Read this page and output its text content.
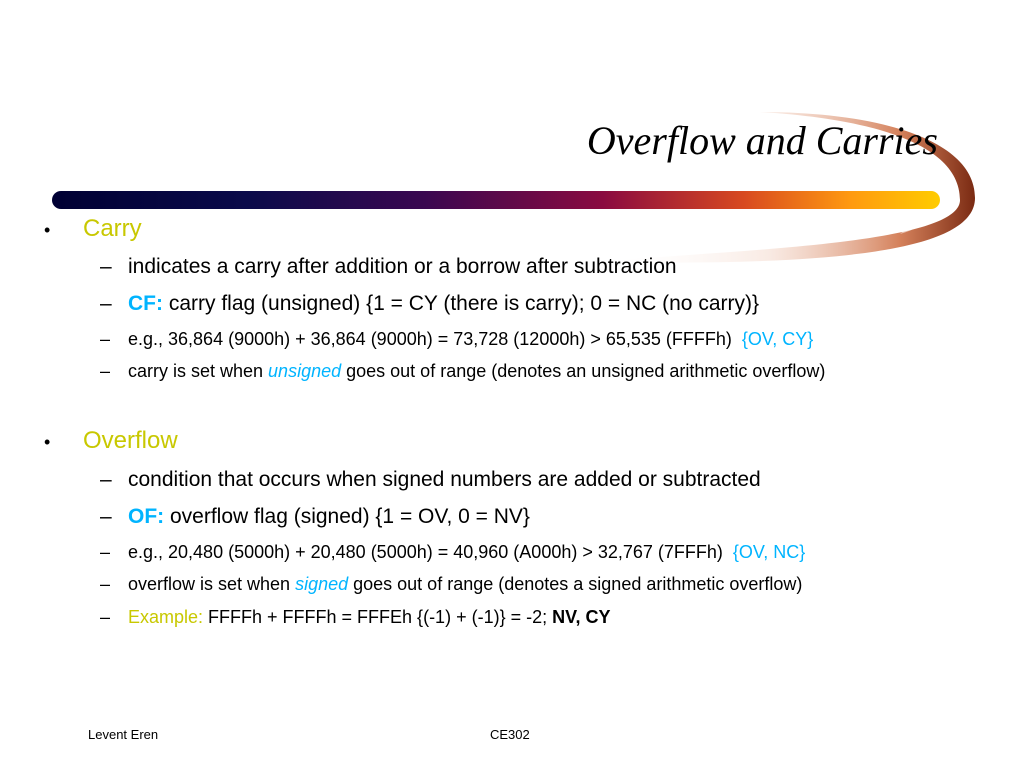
Overflow and Carries
• Carry
– indicates a carry after addition or a borrow after subtraction
– CF: carry flag (unsigned) {1 = CY (there is carry); 0 = NC (no carry)}
– e.g., 36,864 (9000h) + 36,864 (9000h) = 73,728 (12000h) > 65,535 (FFFFh) {OV, CY}
– carry is set when unsigned goes out of range (denotes an unsigned arithmetic overflow)
• Overflow
– condition that occurs when signed numbers are added or subtracted
– OF: overflow flag (signed) {1 = OV, 0 = NV}
– e.g., 20,480 (5000h) + 20,480 (5000h) = 40,960 (A000h) > 32,767 (7FFFh) {OV, NC}
– overflow is set when signed goes out of range (denotes a signed arithmetic overflow)
– Example: FFFFh + FFFFh = FFFEh {(-1) + (-1)} = -2; NV, CY
Levent Eren	CE302
